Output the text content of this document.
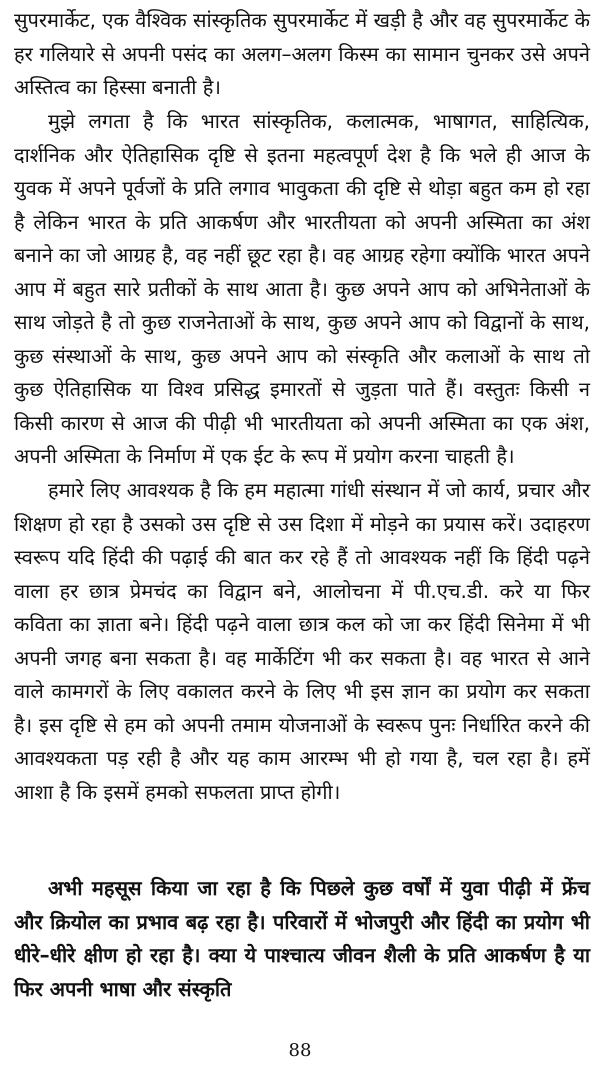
सुपरमार्केट, एक वैश्विक सांस्कृतिक सुपरमार्केट में खड़ी है और वह सुपरमार्केट के हर गलियारे से अपनी पसंद का अलग–अलग किस्म का सामान चुनकर उसे अपने अस्तित्व का हिस्सा बनाती है।

मुझे लगता है कि भारत सांस्कृतिक, कलात्मक, भाषागत, साहित्यिक, दार्शनिक और ऐतिहासिक दृष्टि से इतना महत्वपूर्ण देश है कि भले ही आज के युवक में अपने पूर्वजों के प्रति लगाव भावुकता की दृष्टि से थोड़ा बहुत कम हो रहा है लेकिन भारत के प्रति आकर्षण और भारतीयता को अपनी अस्मिता का अंश बनाने का जो आग्रह है, वह नहीं छूट रहा है। वह आग्रह रहेगा क्योंकि भारत अपने आप में बहुत सारे प्रतीकों के साथ आता है। कुछ अपने आप को अभिनेताओं के साथ जोड़ते है तो कुछ राजनेताओं के साथ, कुछ अपने आप को विद्वानों के साथ, कुछ संस्थाओं के साथ, कुछ अपने आप को संस्कृति और कलाओं के साथ तो कुछ ऐतिहासिक या विश्व प्रसिद्ध इमारतों से जुड़ता पाते हैं। वस्तुतः किसी न किसी कारण से आज की पीढ़ी भी भारतीयता को अपनी अस्मिता का एक अंश, अपनी अस्मिता के निर्माण में एक ईट के रूप में प्रयोग करना चाहती है।

हमारे लिए आवश्यक है कि हम महात्मा गांधी संस्थान में जो कार्य, प्रचार और शिक्षण हो रहा है उसको उस दृष्टि से उस दिशा में मोड़ने का प्रयास करें। उदाहरण स्वरूप यदि हिंदी की पढ़ाई की बात कर रहे हैं तो आवश्यक नहीं कि हिंदी पढ़ने वाला हर छात्र प्रेमचंद का विद्वान बने, आलोचना में पी.एच.डी. करे या फिर कविता का ज्ञाता बने। हिंदी पढ़ने वाला छात्र कल को जा कर हिंदी सिनेमा में भी अपनी जगह बना सकता है। वह मार्केटिंग भी कर सकता है। वह भारत से आने वाले कामगरों के लिए वकालत करने के लिए भी इस ज्ञान का प्रयोग कर सकता है। इस दृष्टि से हम को अपनी तमाम योजनाओं के स्वरूप पुनः निर्धारित करने की आवश्यकता पड़ रही है और यह काम आरम्भ भी हो गया है, चल रहा है। हमें आशा है कि इसमें हमको सफलता प्राप्त होगी।

अभी महसूस किया जा रहा है कि पिछले कुछ वर्षों में युवा पीढ़ी में फ्रेंच और क्रियोल का प्रभाव बढ़ रहा है। परिवारों में भोजपुरी और हिंदी का प्रयोग भी धीरे–धीरे क्षीण हो रहा है। क्या ये पाश्चात्य जीवन शैली के प्रति आकर्षण है या फिर अपनी भाषा और संस्कृति

88
